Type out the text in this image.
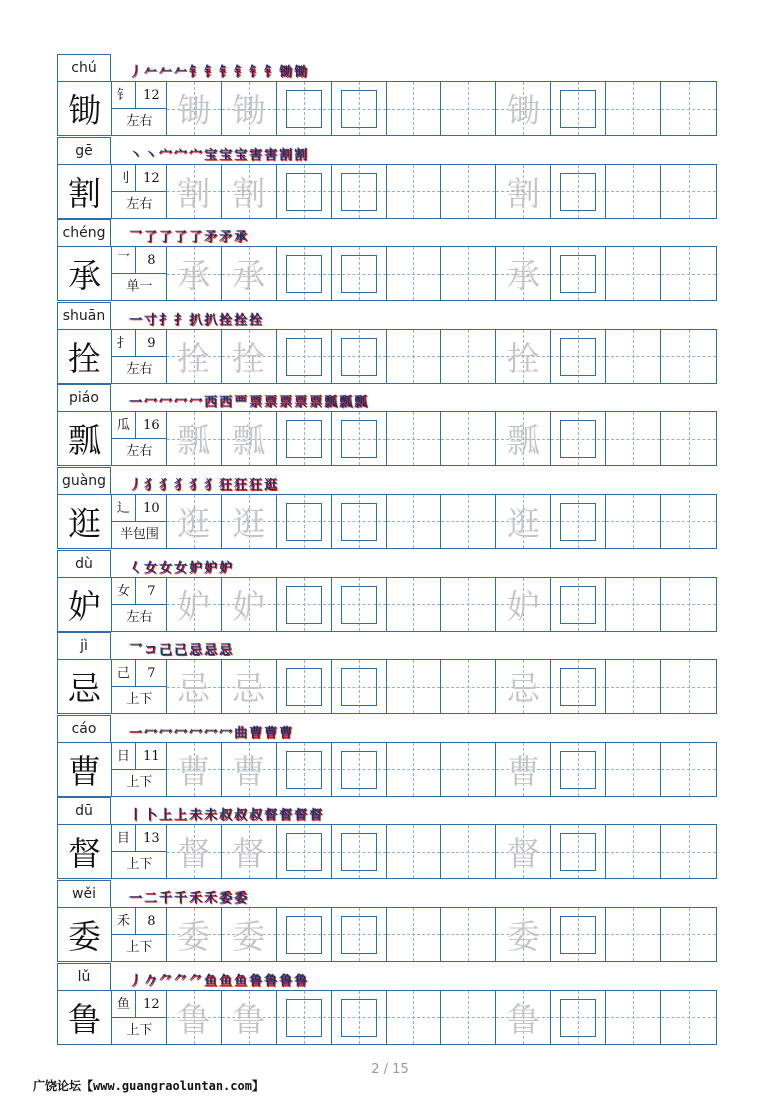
chú	丿 𠂉 𠂉 𠂉 钅 钅 钅 钅 钅 钅 锄 锄
锄	钅	12
左右 锄 锄	锄
gē	丶 丶 宀 宀 宀 宝 宝 宝 害 害 割 割
割	刂	12
左右 割 割	割
chéng	乛 了 了 了 了 矛 矛 承
承	乛	8
单一 承 承	承
shuān	一 寸 扌 扌 扒 扒 拴 拴 拴
拴	扌	9
左右 拴 拴	拴
piáo	一 冖 冖 冖 冖 西 西 覀 票 票 票 票 票 瓢 瓢 瓢
瓢	瓜	16
左右 瓢 瓢	瓢
guàng	丿 犭 犭 犭 犭 犭 狂 狂 狂 逛
逛	辶	10
半包围 逛 逛	逛
dù	𡿨 女 女 女 妒 妒 妒
妒	女	7
左右 妒 妒	妒
jì	乛 コ 己 己 忌 忌 忌
忌	己	7
上下 忌 忌	忌
cáo	一 冖 冖 冖 冖 冖 冖 曲 曹 曹 曹
曹	日	11
上下 曹 曹	曹
dū	丨 卜 上 上 未 未 叔 叔 叔 督 督 督 督
督	目	13
上下 督 督	督
wěi	一 二 千 千 禾 禾 委 委
委	禾	8
上下 委 委	委
lǔ	丿 𠂊 ⺈ ⺈ ⺈ 鱼 鱼 鱼 鲁 鲁 鲁 鲁
鲁	鱼	12
上下 鲁 鲁	鲁
2 / 15
广饶论坛【www.guangraoluntan.com】
